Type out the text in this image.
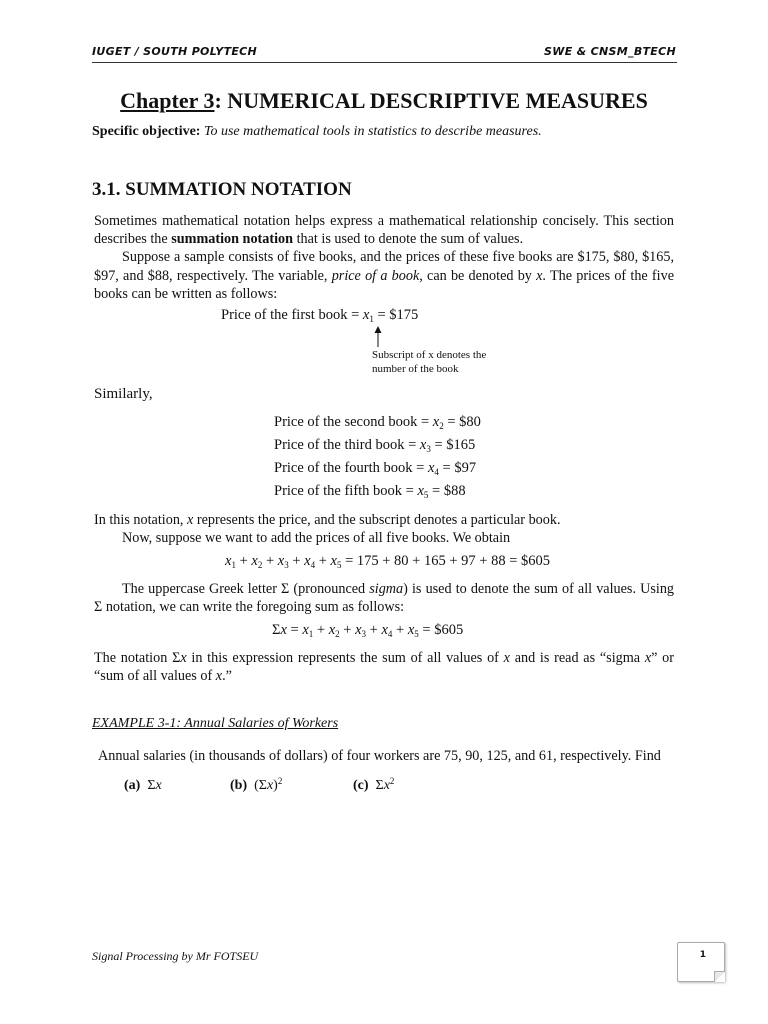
IUGET / SOUTH POLYTECH	SWE & CNSM_BTECH
Chapter 3: NUMERICAL DESCRIPTIVE MEASURES
Specific objective: To use mathematical tools in statistics to describe measures.
3.1. SUMMATION NOTATION

Sometimes mathematical notation helps express a mathematical relationship concisely. This section describes the summation notation that is used to denote the sum of values.

Suppose a sample consists of five books, and the prices of these five books are $175, $80, $165, $97, and $88, respectively. The variable, price of a book, can be denoted by x. The prices of the five books can be written as follows:

Price of the first book = $x_1$ = $175
Subscript of x denotes the
number of the book
Similarly,
Price of the second book = $x_2$ = $80
Price of the third book = $x_3$ = $165
Price of the fourth book = $x_4$ = $97
Price of the fifth book = $x_5$ = $88

In this notation, x represents the price, and the subscript denotes a particular book.

Now, suppose we want to add the prices of all five books. We obtain

$x_1 + x_2 + x_3 + x_4 + x_5 = 175 + 80 + 165 + 97 + 88$ = $605

The uppercase Greek letter Σ (pronounced sigma) is used to denote the sum of all values. Using Σ notation, we can write the foregoing sum as follows:

$\Sigma x = x_1 + x_2 + x_3 + x_4 + x_5$ = $605

The notation Σx in this expression represents the sum of all values of x and is read as “sigma x” or “sum of all values of x.”

EXAMPLE 3-1: Annual Salaries of Workers
Annual salaries (in thousands of dollars) of four workers are 75, 90, 125, and 61, respectively. Find
(a)  Σx	(b)  $(\Sigma x)^2$	(c)  $\Sigma x^2$
Signal Processing by Mr FOTSEU	1
